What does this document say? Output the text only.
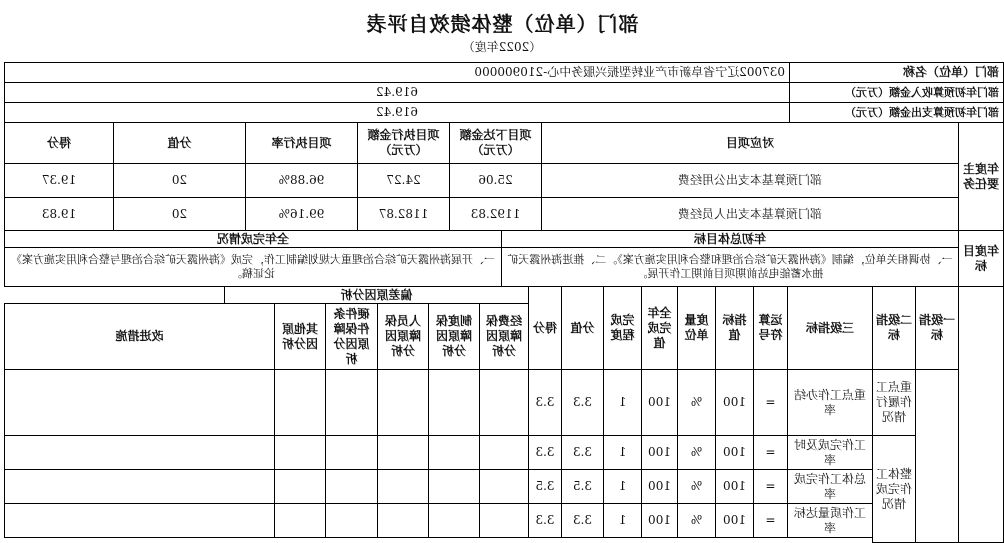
部门（单位）整体绩效自评表
（2022年度）
部门（单位）名称
037002辽宁省阜新市产业转型振兴服务中心-210900000
部门年初预算收入金额（万元）
619.42
部门年初预算支出金额（万元）
619.42
年度主要任务
对应项目
项目下达金额（万元）
项目执行金额（万元）
项目执行率
分值
得分
部门预算基本支出公用经费
25.06
24.27
96.88%
20
19.37
部门预算基本支出人员经费
1192.83
1182.87
99.16%
20
19.83
年度目标
年初总体目标
全年完成情况
一、协调相关单位，编制《海州露天矿综合治理和整合利用实施方案》。二、推进海州露天矿抽水蓄能电站前期项目前期工作开展。
一、开展海州露天矿综合治理重大规划编制工作，完成《海州露天矿综合治理与整合利用实施方案》论证稿。
一级指标
二级指标
三级指标
运算符号
指标值
度量单位
全年完成值
完成程度
分值
得分
偏差原因分析
经费保障原因分析
制度保障原因分析
人员保障原因分析
硬件条件保障原因分析
其他原因分析
改进措施
重点工作履行情况
整体工作完成情况
重点工作办结率
=
100
%
100
1
3.3
3.3
工作完成及时率
=
100
%
100
1
3.3
3.3
总体工作完成率
=
100
%
100
1
3.5
3.5
工作质量达标率
=
100
%
100
1
3.3
3.3
